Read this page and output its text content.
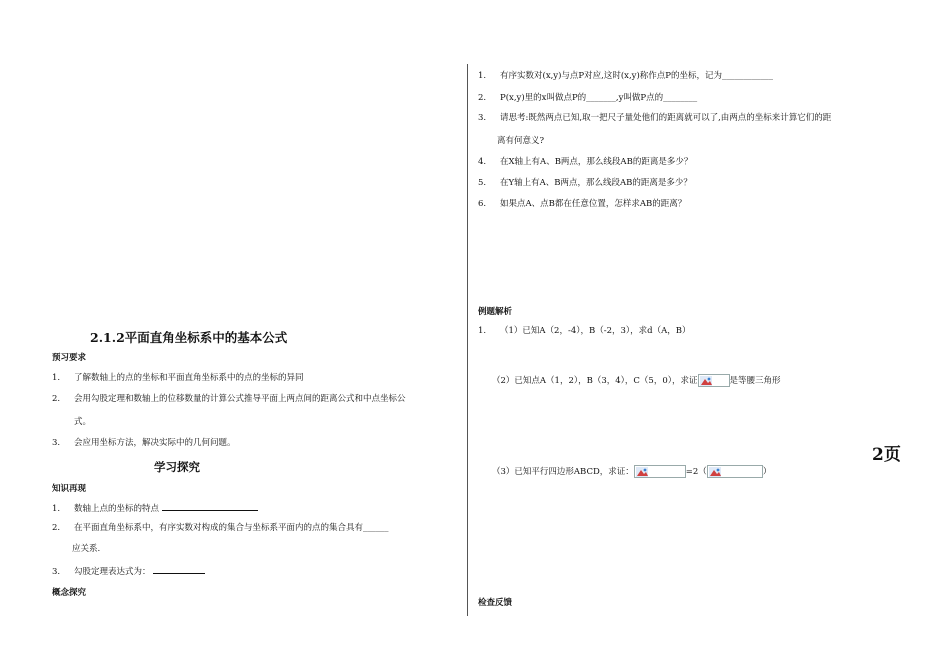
2.1.2平面直角坐标系中的基本公式
预习要求
1. 了解数轴上的点的坐标和平面直角坐标系中的点的坐标的异同
2. 会用勾股定理和数轴上的位移数量的计算公式推导平面上两点间的距离公式和中点坐标公
式。
3. 会应用坐标方法，解决实际中的几何问题。
学习探究
知识再现
1. 数轴上点的坐标的特点
2. 在平面直角坐标系中，有序实数对构成的集合与坐标系平面内的点的集合具有______
应关系.
3. 勾股定理表达式为：
概念探究
1. 有序实数对(x,y)与点P对应,这时(x,y)称作点P的坐标，记为____________
2. P(x,y)里的x叫做点P的_______,y叫做P点的________
3. 请思考:既然两点已知,取一把尺子量处他们的距离就可以了,由两点的坐标来计算它们的距
离有何意义?
4. 在X轴上有A、B两点，那么线段AB的距离是多少？
5. 在Y轴上有A、B两点，那么线段AB的距离是多少？
6. 如果点A、点B都在任意位置，怎样求AB的距离？
例题解析
1. （1）已知A（2，-4），B（-2，3），求d（A，B）
（2）已知点A（1，2），B（3，4），C（5，0），求证	是等腰三角形
（3）已知平行四边形ABCD，求证：	=2（	）
2页
检查反馈
